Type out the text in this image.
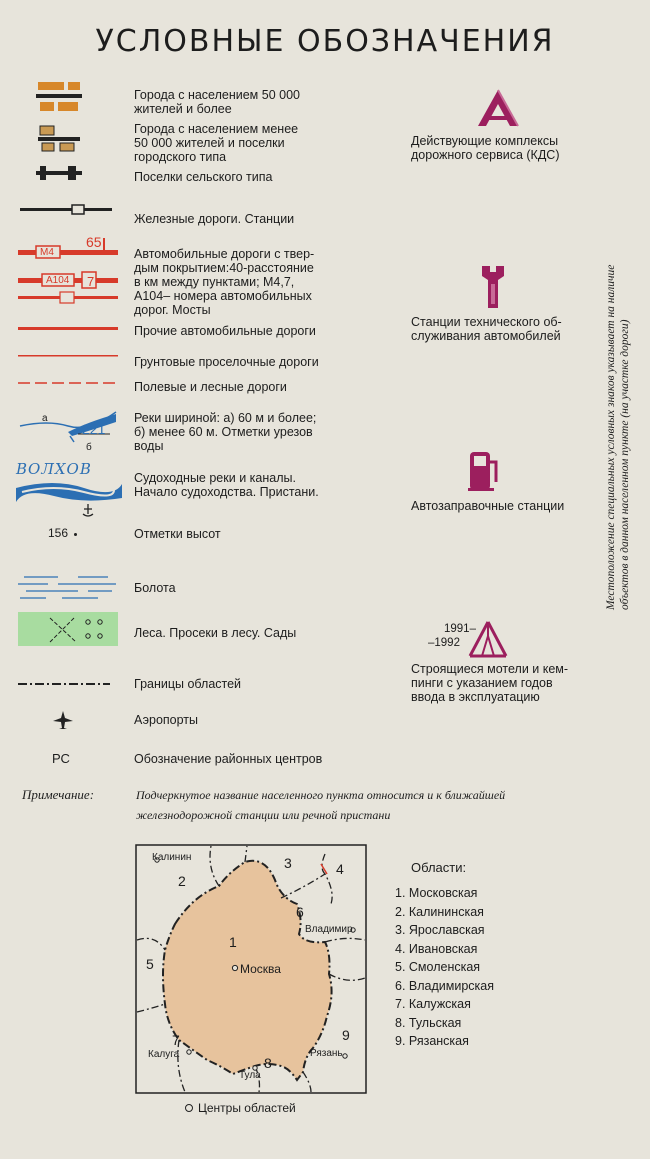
УСЛОВНЫЕ ОБОЗНАЧЕНИЯ
М4
65
А104 7
а
б
221
ВОЛХОВ
156
РС
Города с населением 50 000
жителей и более
Города с населением менее
50 000 жителей и поселки
городского типа
Поселки сельского типа
Железные дороги. Станции
Автомобильные дороги с твер-
дым покрытием:40-расстояние
в км между пунктами; М4,7,
А104– номера автомобильных
дорог. Мосты
Прочие автомобильные дороги
Грунтовые проселочные дороги
Полевые и лесные дороги
Реки шириной: а) 60 м и более;
б) менее 60 м. Отметки урезов
воды
Судоходные реки и каналы.
Начало судоходства. Пристани.
Отметки высот
Болота
Леса. Просеки в лесу. Сады
Границы областей
Аэропорты
Обозначение районных центров
Действующие комплексы
дорожного сервиса (КДС)
Станции технического об-
служивания автомобилей
Автозаправочные станции
1991–
–1992
Строящиеся мотели и кем-
пинги с указанием годов
ввода в эксплуатацию
Местоположение специальных условных знаков указывает на наличие объектов в данном населенном пункте (на участке дороги)
Примечание:	Подчеркнутое название населенного пункта относится и к ближайшей
железнодорожной станции или речной пристани
1
2
3	4
5
6
7
8
9
Калинин
Владимир
Москва
Калуга
Тула
Рязань
Центры областей
Области:
1. Московская
2. Калининская
3. Ярославская
4. Ивановская
5. Смоленская
6. Владимирская
7. Калужская
8. Тульская
9. Рязанская
